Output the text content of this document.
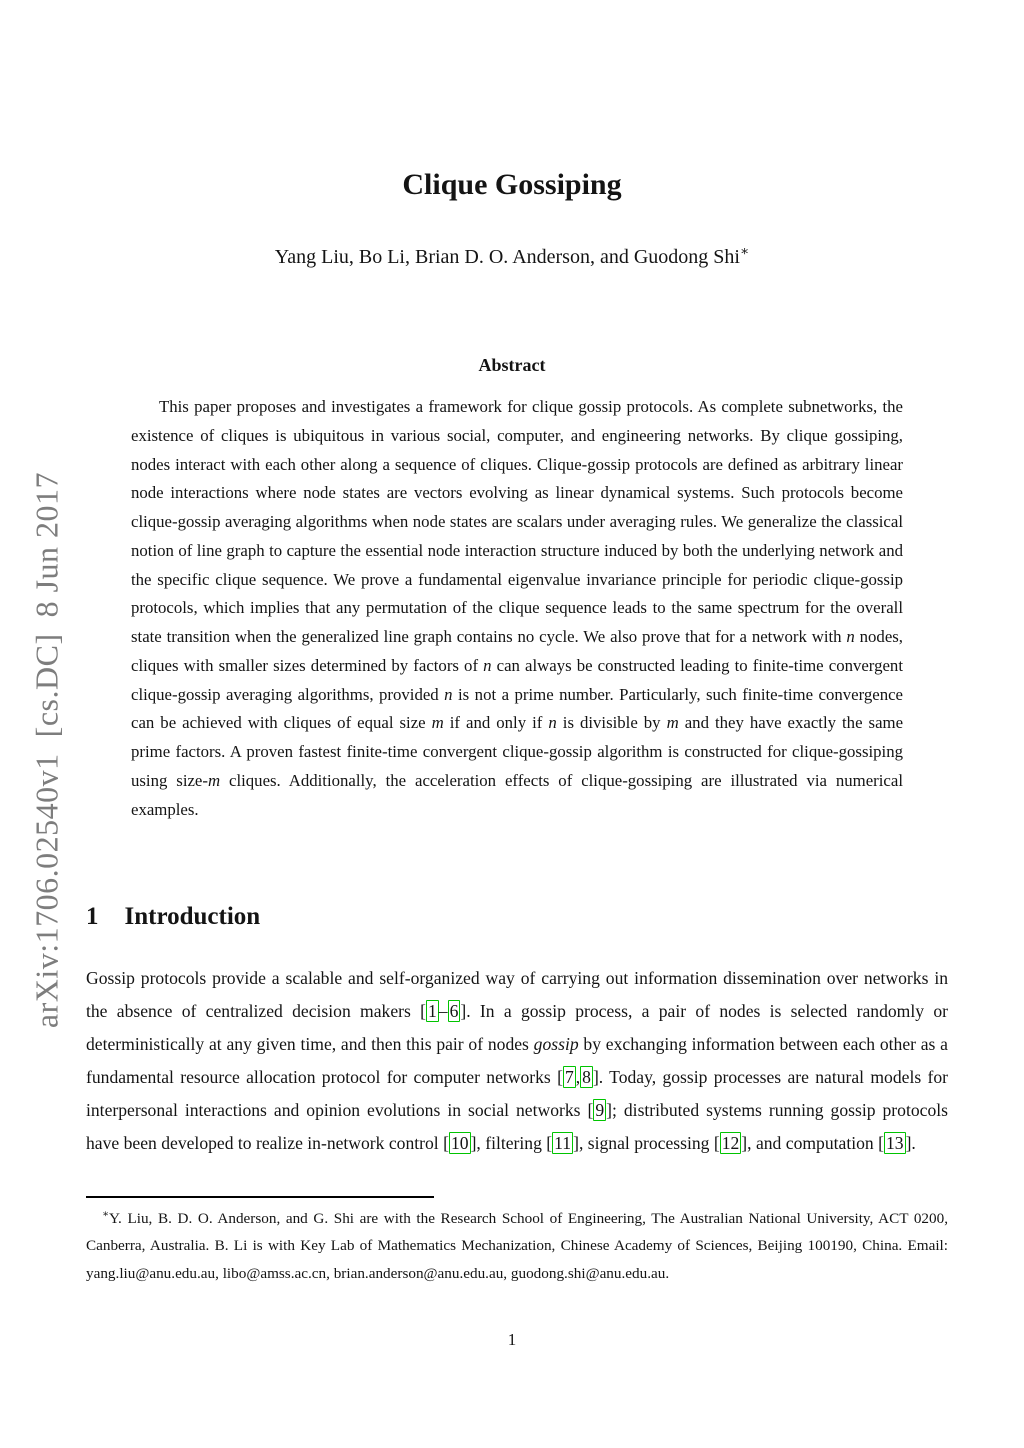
arXiv:1706.02540v1
[cs.DC]
8 Jun 2017
Clique Gossiping
Yang Liu, Bo Li, Brian D. O. Anderson, and Guodong Shi∗
Abstract
This paper proposes and investigates a framework for clique gossip protocols. As complete subnetworks, the existence of cliques is ubiquitous in various social, computer, and engineering networks. By clique gossiping, nodes interact with each other along a sequence of cliques. Clique-gossip protocols are defined as arbitrary linear node interactions where node states are vectors evolving as linear dynamical systems. Such protocols become clique-gossip averaging algorithms when node states are scalars under averaging rules. We generalize the classical notion of line graph to capture the essential node interaction structure induced by both the underlying network and the specific clique sequence. We prove a fundamental eigenvalue invariance principle for periodic clique-gossip protocols, which implies that any permutation of the clique sequence leads to the same spectrum for the overall state transition when the generalized line graph contains no cycle. We also prove that for a network with n nodes, cliques with smaller sizes determined by factors of n can always be constructed leading to finite-time convergent clique-gossip averaging algorithms, provided n is not a prime number. Particularly, such finite-time convergence can be achieved with cliques of equal size m if and only if n is divisible by m and they have exactly the same prime factors. A proven fastest finite-time convergent clique-gossip algorithm is constructed for clique-gossiping using size-m cliques. Additionally, the acceleration effects of clique-gossiping are illustrated via numerical examples.
1 Introduction
Gossip protocols provide a scalable and self-organized way of carrying out information dissemination over networks in the absence of centralized decision makers [ 1 – 6 ]. In a gossip process, a pair of nodes is selected randomly or deterministically at any given time, and then this pair of nodes gossip by exchanging information between each other as a fundamental resource allocation protocol for computer networks [ 7 , 8 ]. Today, gossip processes are natural models for interpersonal interactions and opinion evolutions in social networks [ 9 ]; distributed systems running gossip protocols have been developed to realize in-network control [ 10 ], filtering [ 11 ], signal processing [ 12 ], and computation [ 13 ].
∗Y. Liu, B. D. O. Anderson, and G. Shi are with the Research School of Engineering, The Australian National University, ACT 0200, Canberra, Australia. B. Li is with Key Lab of Mathematics Mechanization, Chinese Academy of Sciences, Beijing 100190, China. Email: yang.liu@anu.edu.au, libo@amss.ac.cn, brian.anderson@anu.edu.au, guodong.shi@anu.edu.au.
1
